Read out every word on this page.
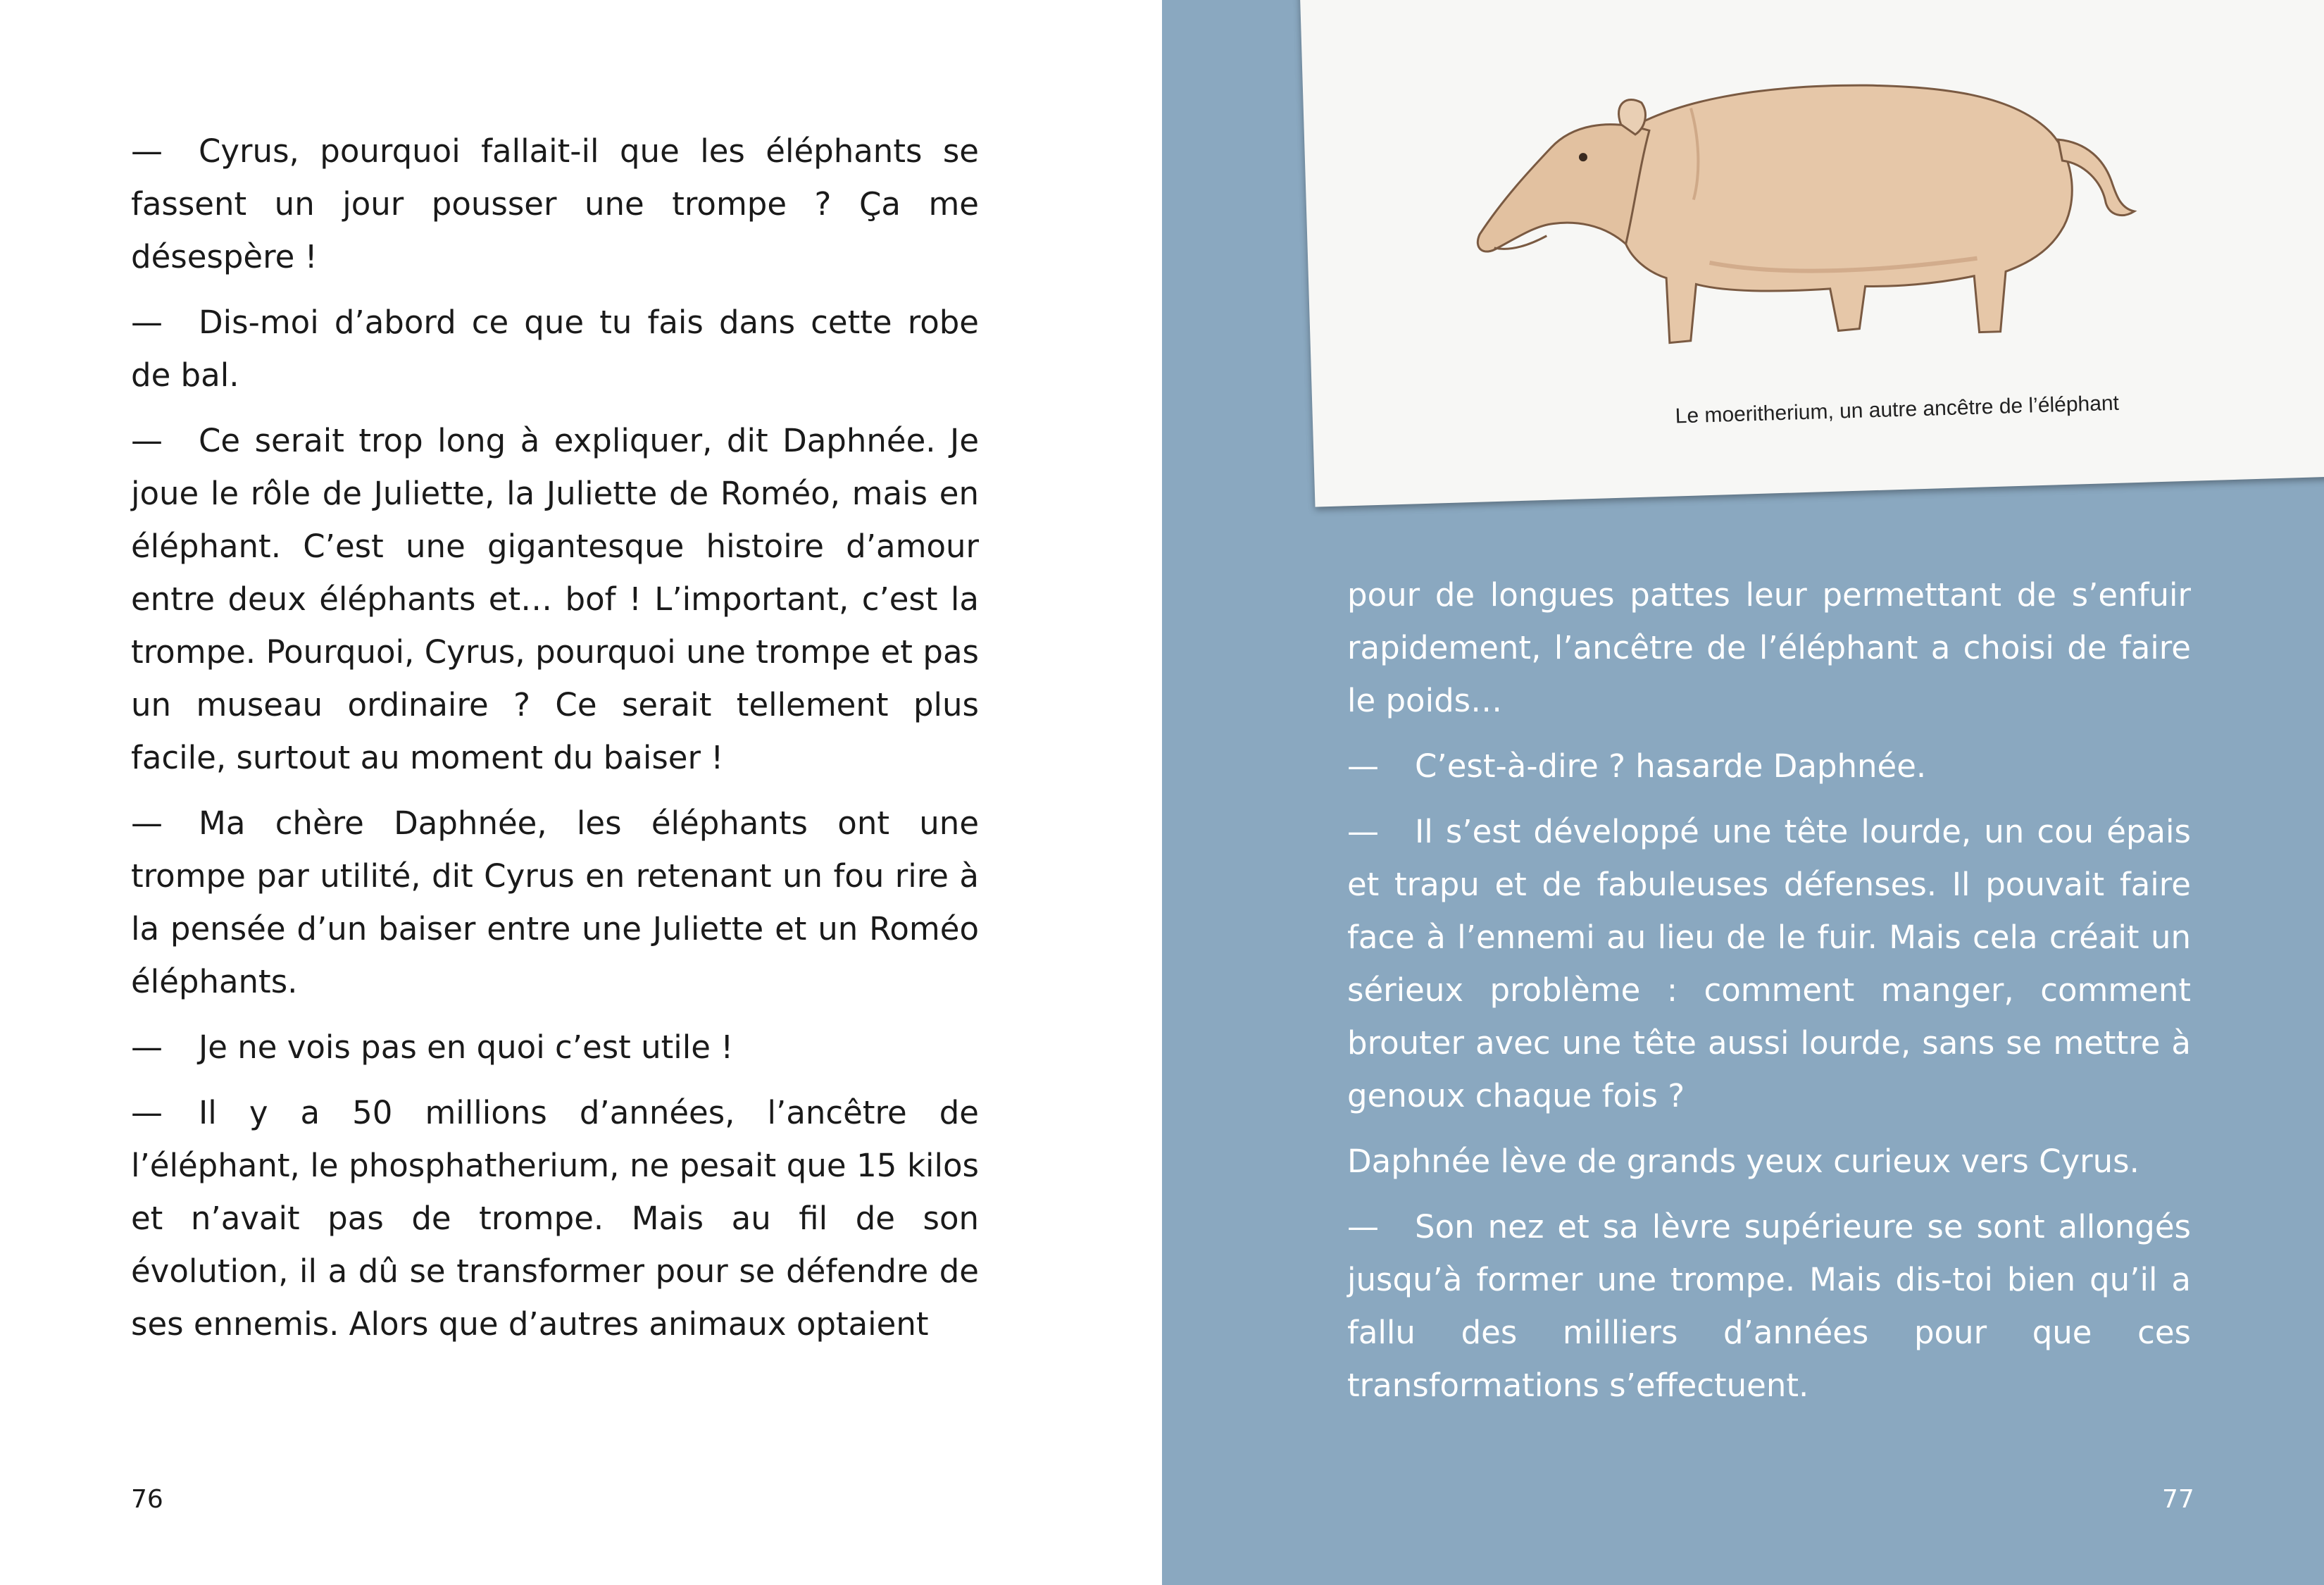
— Cyrus, pourquoi fallait-il que les éléphants se fassent un jour pousser une trompe ? Ça me désespère !

— Dis-moi d’abord ce que tu fais dans cette robe de bal.

— Ce serait trop long à expliquer, dit Daphnée. Je joue le rôle de Juliette, la Juliette de Roméo, mais en éléphant. C’est une gigantesque histoire d’amour entre deux éléphants et… bof ! L’important, c’est la trompe. Pourquoi, Cyrus, pourquoi une trompe et pas un museau ordinaire ? Ce serait tellement plus facile, surtout au moment du baiser !

— Ma chère Daphnée, les éléphants ont une trompe par utilité, dit Cyrus en retenant un fou rire à la pensée d’un baiser entre une Juliette et un Roméo éléphants.

— Je ne vois pas en quoi c’est utile !

— Il y a 50 millions d’années, l’ancêtre de l’éléphant, le phosphatherium, ne pesait que 15 kilos et n’avait pas de trompe. Mais au fil de son évolution, il a dû se transformer pour se défendre de ses ennemis. Alors que d’autres animaux optaient

76	77
Le moeritherium, un autre ancêtre de l’éléphant

pour de longues pattes leur permettant de s’enfuir rapidement, l’ancêtre de l’éléphant a choisi de faire le poids…

— C’est-à-dire ? hasarde Daphnée.

— Il s’est développé une tête lourde, un cou épais et trapu et de fabuleuses défenses. Il pouvait faire face à l’ennemi au lieu de le fuir. Mais cela créait un sérieux problème : comment manger, comment brouter avec une tête aussi lourde, sans se mettre à genoux chaque fois ?

Daphnée lève de grands yeux curieux vers Cyrus.

— Son nez et sa lèvre supérieure se sont allongés jusqu’à former une trompe. Mais dis-toi bien qu’il a fallu des milliers d’années pour que ces transformations s’effectuent.
